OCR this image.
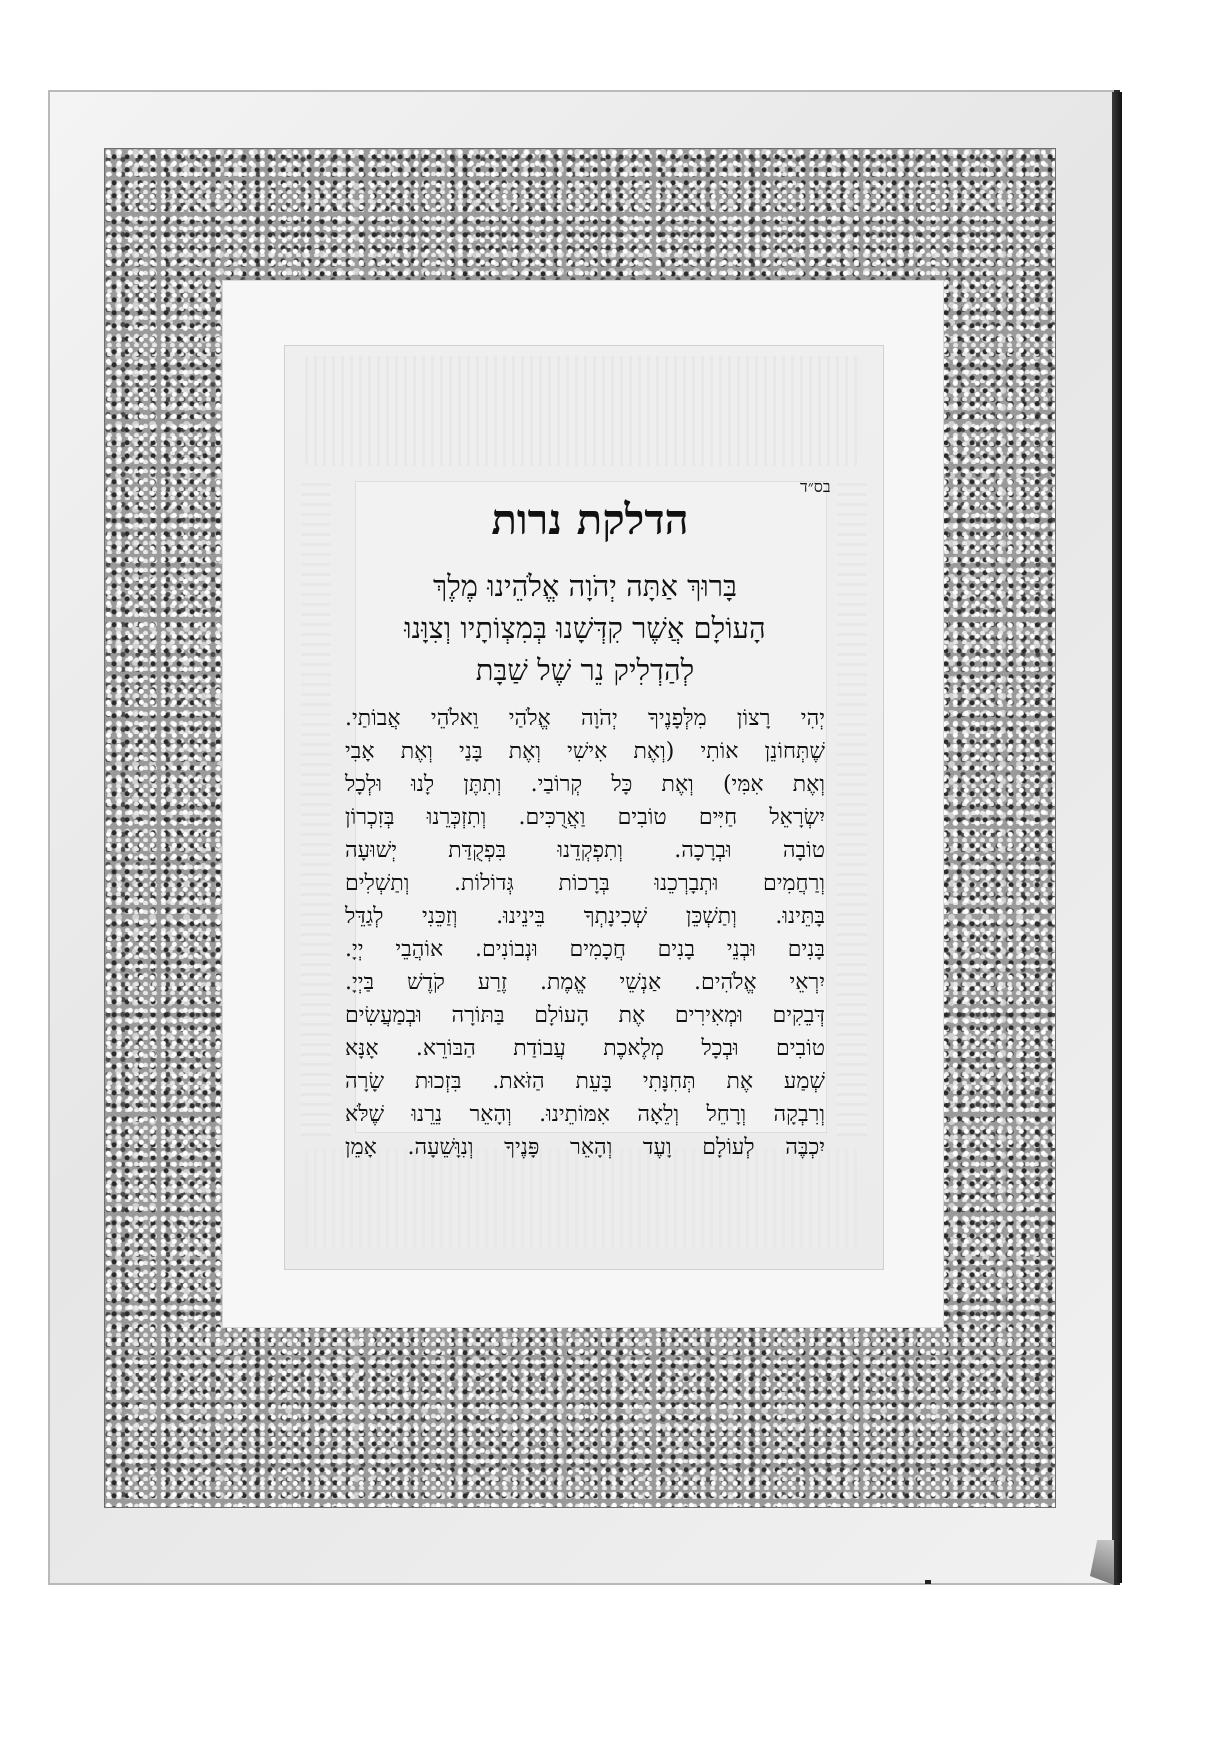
בס״ד
הדלקת נרות
בָּרוּךְ אַתָּה יְהֹוָה אֱלֹהֵינוּ מֶלֶךְ
הָעוֹלָם אֲשֶׁר קִדְּשָׁנוּ בְּמִצְוֹתָיו וְצִוָּנוּ
לְהַדְלִיק נֵר שֶׁל שַׁבָּת
יְהִי רָצוֹן מִלְּפָנֶיךָ יְהֹוָה אֱלֹהַי וֵאלֹהֵי אֲבוֹתַי.
שֶׁתְּחוֹנֵן אוֹתִי (וְאֶת אִישִׁי וְאֶת בָּנַי וְאֶת אָבִי
וְאֶת אִמִּי) וְאֶת כָּל קְרוֹבַי. וְתִתֶּן לָנוּ וּלְכָל
יִשְׂרָאֵל חַיִּים טוֹבִים וַאֲרֻכִּים. וְתִזְכְּרֵנוּ בְּזִכְרוֹן
טוֹבָה וּבְרָכָה. וְתִפְקְדֵנוּ בִּפְקֻדַּת יְשׁוּעָה
וְרַחֲמִים וּתְבָרְכֵנוּ בְּרָכוֹת גְּדוֹלוֹת. וְתַשְׁלִים
בָּתֵּינוּ. וְתַשְׁכֵּן שְׁכִינָתְךָ בֵּינֵינוּ. וְזַכֵּנִי לְגַדֵּל
בָּנִים וּבְנֵי בָנִים חֲכָמִים וּנְבוֹנִים. אוֹהֲבֵי יְיָ.
יִרְאֵי אֱלֹהִים. אַנְשֵׁי אֱמֶת. זֶרַע קֹדֶשׁ בַּיְיָ.
דְּבֵקִים וּמְאִירִים אֶת הָעוֹלָם בַּתּוֹרָה וּבְמַעֲשִׂים
טוֹבִים וּבְכָל מְלֶאכֶת עֲבוֹדַת הַבּוֹרֵא. אָנָּא
שְׁמַע אֶת תְּחִנָּתִי בָּעֵת הַזֹּאת. בִּזְכוּת שָׂרָה
וְרִבְקָה וְרָחֵל וְלֵאָה אִמּוֹתֵינוּ. וְהָאֵר נֵרֵנוּ שֶׁלֹּא
יִכְבֶּה לְעוֹלָם וָעֶד וְהָאֵר פָּנֶיךָ וְנִוָּשֵׁעָה. אָמֵן
